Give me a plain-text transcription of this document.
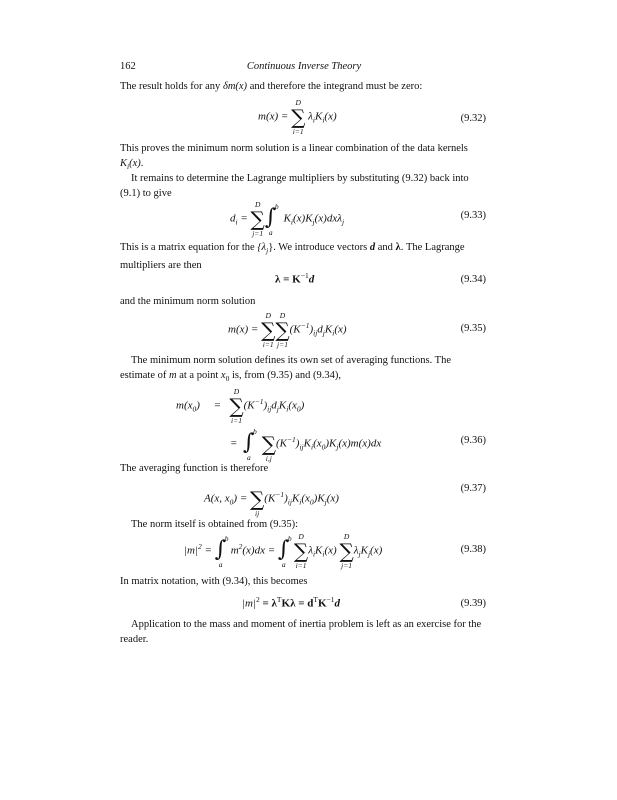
162	Continuous Inverse Theory
The result holds for any δm(x) and therefore the integrand must be zero:
m(x) =
D
∑
i=1
$\lambda_iK_i(x)$	(9.32)
This proves the minimum norm solution is a linear combination of the data kernels $K_i(x)$.
It remains to determine the Lagrange multipliers by substituting (9.32) back into (9.1) to give
$d_i$ =
D
∑
j=1
b
∫
a
$K_i(x)K_j(x)dx\lambda_j$
(9.33)
This is a matrix equation for the $\{\lambda_j\}$. We introduce vectors d and λ. The Lagrange multipliers are then
$\lambda = K^{-1}d$	(9.34)
and the minimum norm solution
m(x) =
D
∑
i=1
D
∑
j=1
$(K^{-1})_{ij}d_jK_i(x)$	(9.35)
The minimum norm solution defines its own set of averaging functions. The estimate of m at a point $x_0$ is, from (9.35) and (9.34),
$m(x_0)$ =
D
∑
i=1
$(K^{-1})_{ij}d_jK_i(x_0)$
=
b
∫
a

∑
i,j
$(K^{-1})_{ij}K_i(x_0)K_j(x)m(x)dx$	(9.36)
The averaging function is therefore
A(x, $x_0$) =
∑
ij
$(K^{-1})_{ij}K_i(x_0)K_j(x)$
(9.37)
The norm itself is obtained from (9.35):
$|m|^2$ =
b
∫
a
$m^2(x)dx$ =
b
∫
a
D
∑
i=1
$\lambda_iK_i(x)$
D
∑
j=1
$\lambda_jK_j(x)$	(9.38)
In matrix notation, with (9.34), this becomes
$|m|^2 = \lambda^TK\lambda = d^TK^{-1}d$	(9.39)
Application to the mass and moment of inertia problem is left as an exercise for the reader.
